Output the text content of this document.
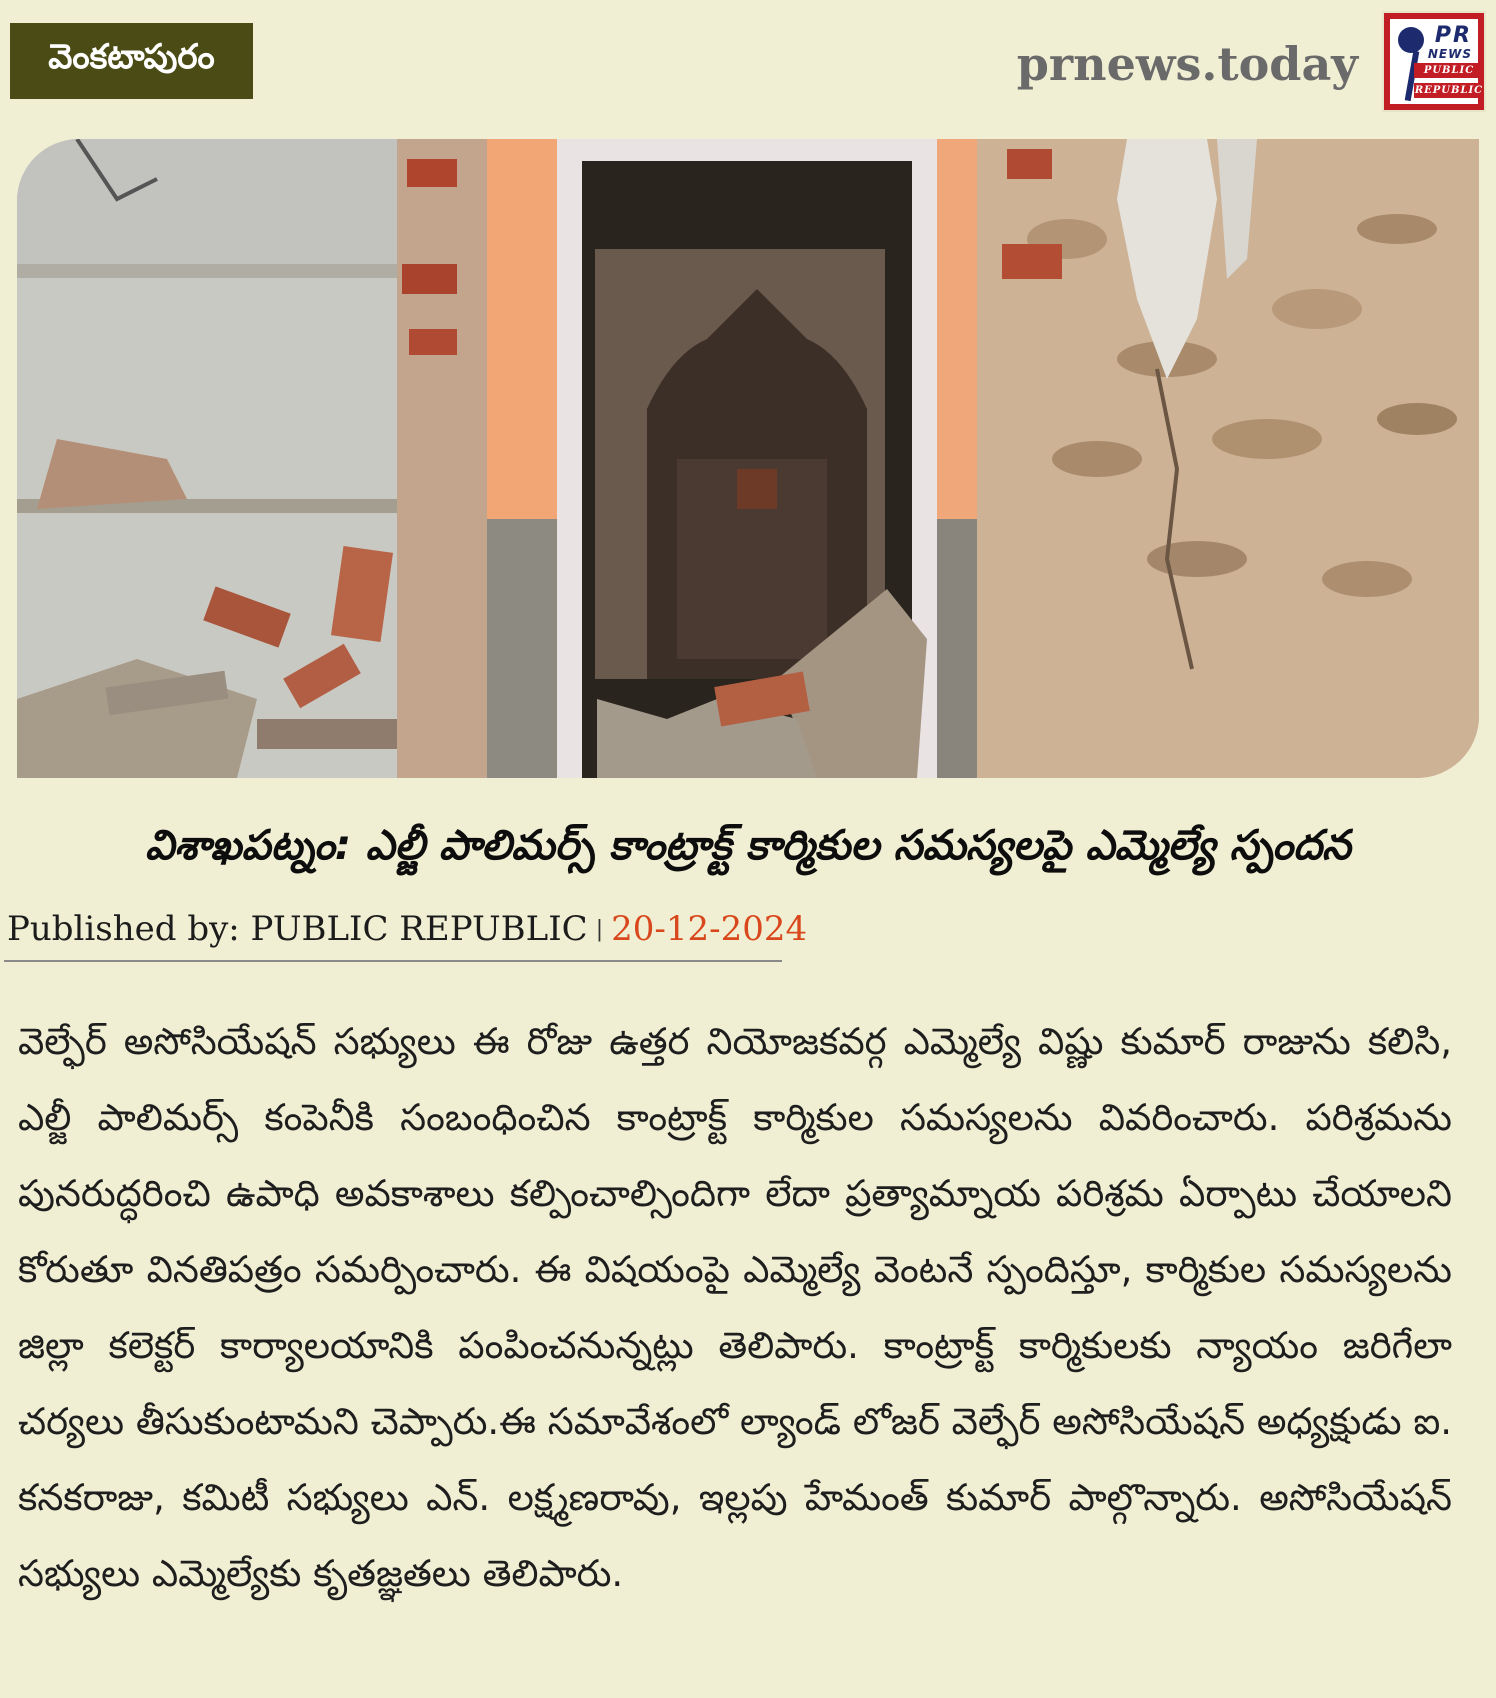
వెంకటాపురం	prnews.today
PR
NEWS
PUBLIC
REPUBLIC
విశాఖపట్నం: ఎల్జీ పాలిమర్స్ కాంట్రాక్ట్ కార్మికుల సమస్యలపై ఎమ్మెల్యే స్పందన
Published by: PUBLIC REPUBLIC | 20-12-2024

వెల్ఫేర్ అసోసియేషన్ సభ్యులు ఈ రోజు ఉత్తర నియోజకవర్గ ఎమ్మెల్యే విష్ణు కుమార్ రాజును కలిసి, ఎల్జీ పాలిమర్స్ కంపెనీకి సంబంధించిన కాంట్రాక్ట్ కార్మికుల సమస్యలను వివరించారు. పరిశ్రమను పునరుద్ధరించి ఉపాధి అవకాశాలు కల్పించాల్సిందిగా లేదా ప్రత్యామ్నాయ పరిశ్రమ ఏర్పాటు చేయాలని కోరుతూ వినతిపత్రం సమర్పించారు. ఈ విషయంపై ఎమ్మెల్యే వెంటనే స్పందిస్తూ, కార్మికుల సమస్యలను జిల్లా కలెక్టర్ కార్యాలయానికి పంపించనున్నట్లు తెలిపారు. కాంట్రాక్ట్ కార్మికులకు న్యాయం జరిగేలా చర్యలు తీసుకుంటామని చెప్పారు.ఈ సమావేశంలో ల్యాండ్ లోజర్ వెల్ఫేర్ అసోసియేషన్ అధ్యక్షుడు ఐ. కనకరాజు, కమిటీ సభ్యులు ఎన్. లక్ష్మణరావు, ఇల్లపు హేమంత్ కుమార్ పాల్గొన్నారు. అసోసియేషన్ సభ్యులు ఎమ్మెల్యేకు కృతజ్ఞతలు తెలిపారు.
